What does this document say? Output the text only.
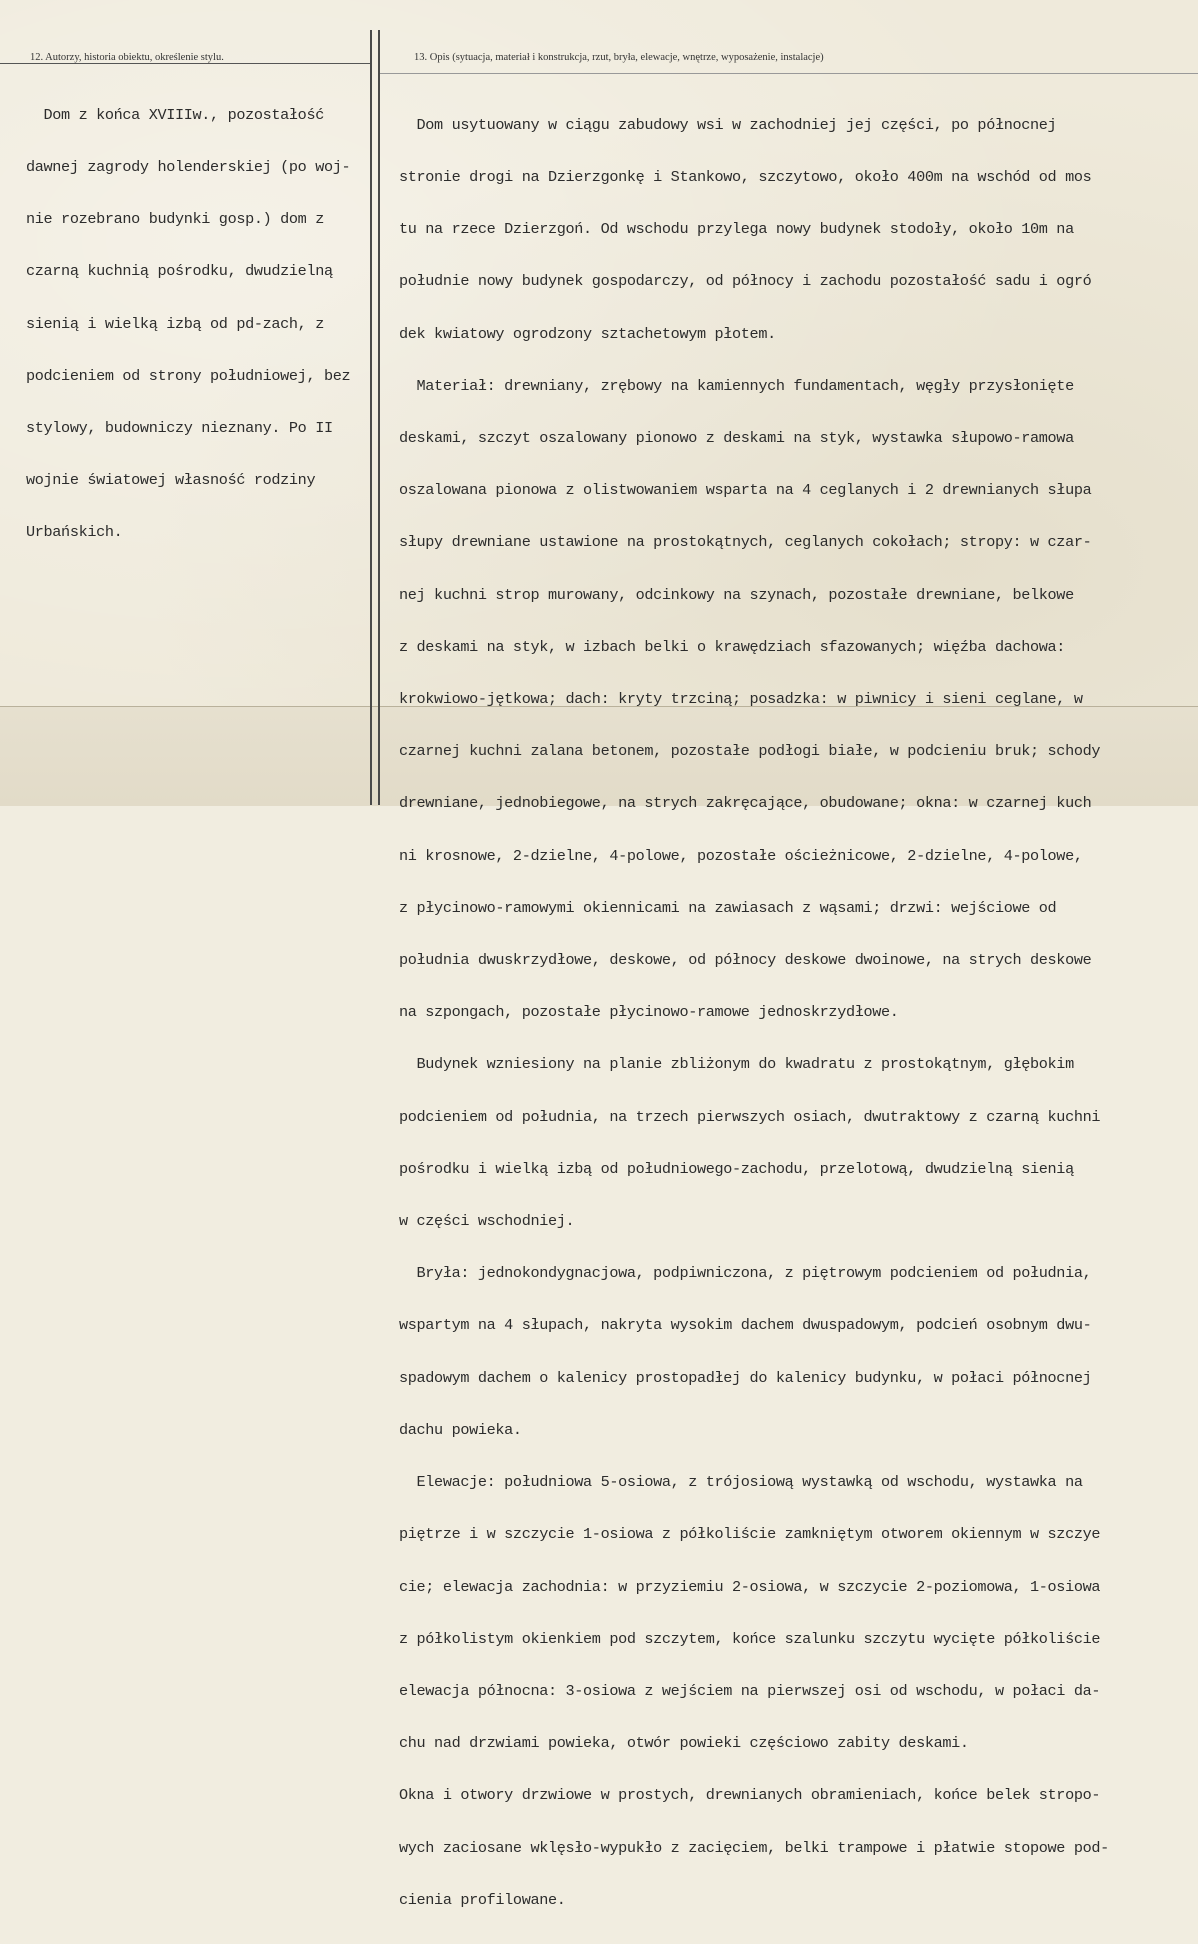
12. Autorzy, historia obiektu, określenie stylu.	13. Opis (sytuacja, materiał i konstrukcja, rzut, bryła, elewacje, wnętrze, wyposażenie, instalacje)

Dom z końca XVIIIw., pozostałość

dawnej zagrody holenderskiej (po woj-

nie rozebrano budynki gosp.) dom z

czarną kuchnią pośrodku, dwudzielną

sienią i wielką izbą od pd-zach, z

podcieniem od strony południowej, bez

stylowy, budowniczy nieznany. Po II

wojnie światowej własność rodziny

Urbańskich.

Dom usytuowany w ciągu zabudowy wsi w zachodniej jej części, po północnej

stronie drogi na Dzierzgonkę i Stankowo, szczytowo, około 400m na wschód od mos

tu na rzece Dzierzgoń. Od wschodu przylega nowy budynek stodoły, około 10m na

południe nowy budynek gospodarczy, od północy i zachodu pozostałość sadu i ogró

dek kwiatowy ogrodzony sztachetowym płotem.

Materiał: drewniany, zrębowy na kamiennych fundamentach, węgły przysłonięte

deskami, szczyt oszalowany pionowo z deskami na styk, wystawka słupowo-ramowa

oszalowana pionowa z olistwowaniem wsparta na 4 ceglanych i 2 drewnianych słupa

słupy drewniane ustawione na prostokątnych, ceglanych cokołach; stropy: w czar-

nej kuchni strop murowany, odcinkowy na szynach, pozostałe drewniane, belkowe

z deskami na styk, w izbach belki o krawędziach sfazowanych; więźba dachowa:

krokwiowo-jętkowa; dach: kryty trzciną; posadzka: w piwnicy i sieni ceglane, w

czarnej kuchni zalana betonem, pozostałe podłogi białe, w podcieniu bruk; schody

drewniane, jednobiegowe, na strych zakręcające, obudowane; okna: w czarnej kuch

ni krosnowe, 2-dzielne, 4-polowe, pozostałe ościeżnicowe, 2-dzielne, 4-polowe,

z płycinowo-ramowymi okiennicami na zawiasach z wąsami; drzwi: wejściowe od

południa dwuskrzydłowe, deskowe, od północy deskowe dwoinowe, na strych deskowe

na szpongach, pozostałe płycinowo-ramowe jednoskrzydłowe.

Budynek wzniesiony na planie zbliżonym do kwadratu z prostokątnym, głębokim

podcieniem od południa, na trzech pierwszych osiach, dwutraktowy z czarną kuchni

pośrodku i wielką izbą od południowego-zachodu, przelotową, dwudzielną sienią

w części wschodniej.

Bryła: jednokondygnacjowa, podpiwniczona, z piętrowym podcieniem od południa,

wspartym na 4 słupach, nakryta wysokim dachem dwuspadowym, podcień osobnym dwu-

spadowym dachem o kalenicy prostopadłej do kalenicy budynku, w połaci północnej

dachu powieka.

Elewacje: południowa 5-osiowa, z trójosiową wystawką od wschodu, wystawka na

piętrze i w szczycie 1-osiowa z półkoliście zamkniętym otworem okiennym w szczye

cie; elewacja zachodnia: w przyziemiu 2-osiowa, w szczycie 2-poziomowa, 1-osiowa

z półkolistym okienkiem pod szczytem, końce szalunku szczytu wycięte półkoliście

elewacja północna: 3-osiowa z wejściem na pierwszej osi od wschodu, w połaci da-

chu nad drzwiami powieka, otwór powieki częściowo zabity deskami.

Okna i otwory drzwiowe w prostych, drewnianych obramieniach, końce belek stropo-

wych zaciosane wklęsło-wypukło z zacięciem, belki trampowe i płatwie stopowe pod-

cienia profilowane.
